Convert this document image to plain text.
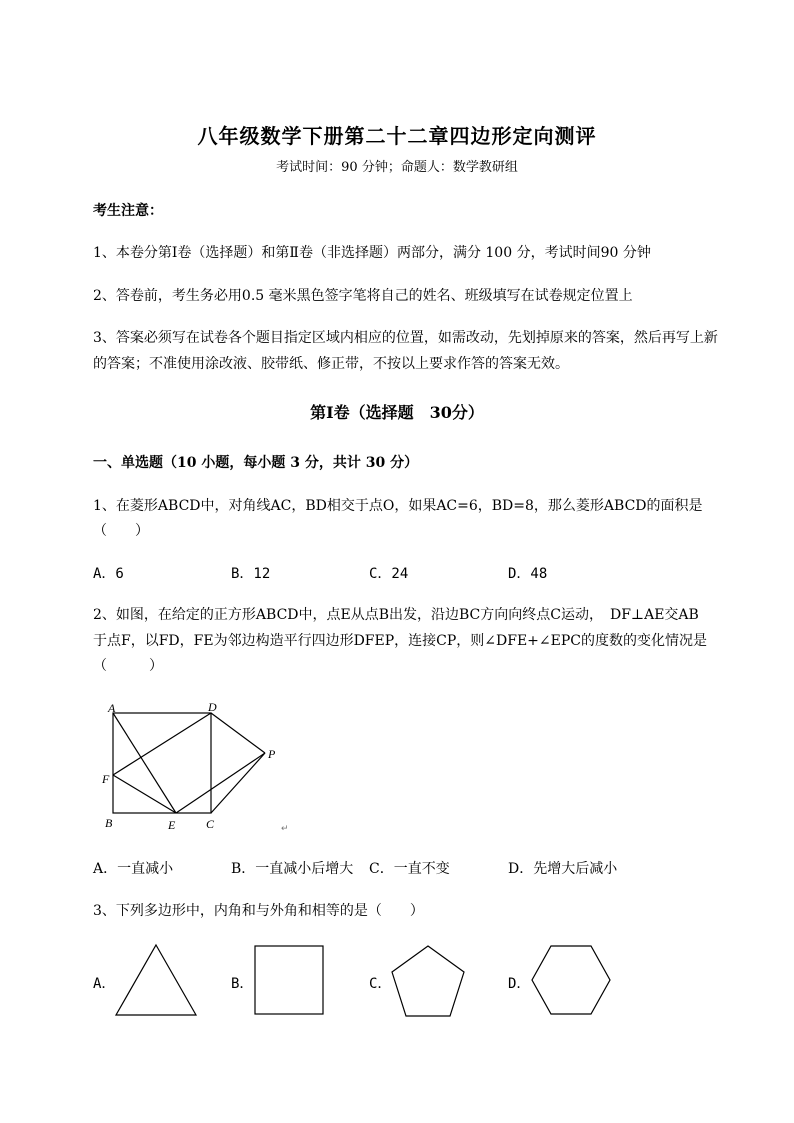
八年级数学下册第二十二章四边形定向测评
考试时间：90 分钟；命题人：数学教研组
考生注意：
1、本卷分第Ⅰ卷（选择题）和第Ⅱ卷（非选择题）两部分，满分 100 分，考试时间90 分钟
2、答卷前，考生务必用0.5 毫米黑色签字笔将自己的姓名、班级填写在试卷规定位置上
3、答案必须写在试卷各个题目指定区域内相应的位置，如需改动，先划掉原来的答案，然后再写上新
的答案；不准使用涂改液、胶带纸、修正带，不按以上要求作答的答案无效。
第Ⅰ卷（选择题　30分）
一、单选题（10 小题，每小题 3 分，共计 30 分）
1、在菱形ABCD中，对角线AC，BD相交于点O，如果AC=6，BD=8，那么菱形ABCD的面积是
（　　）
A．6	B．12	C．24	D．48
2、如图，在给定的正方形ABCD中，点E从点B出发，沿边BC方向向终点C运动，　DF⊥AE交AB
于点F，以FD，FE为邻边构造平行四边形DFEP，连接CP，则∠DFE+∠EPC的度数的变化情况是
（　　　）
A	D
P
F
B	E	C	↵
A．一直减小	B．一直减小后增大 C．一直不变	D．先增大后减小
3、下列多边形中，内角和与外角和相等的是（　　）
A．	B．	C．	D．
